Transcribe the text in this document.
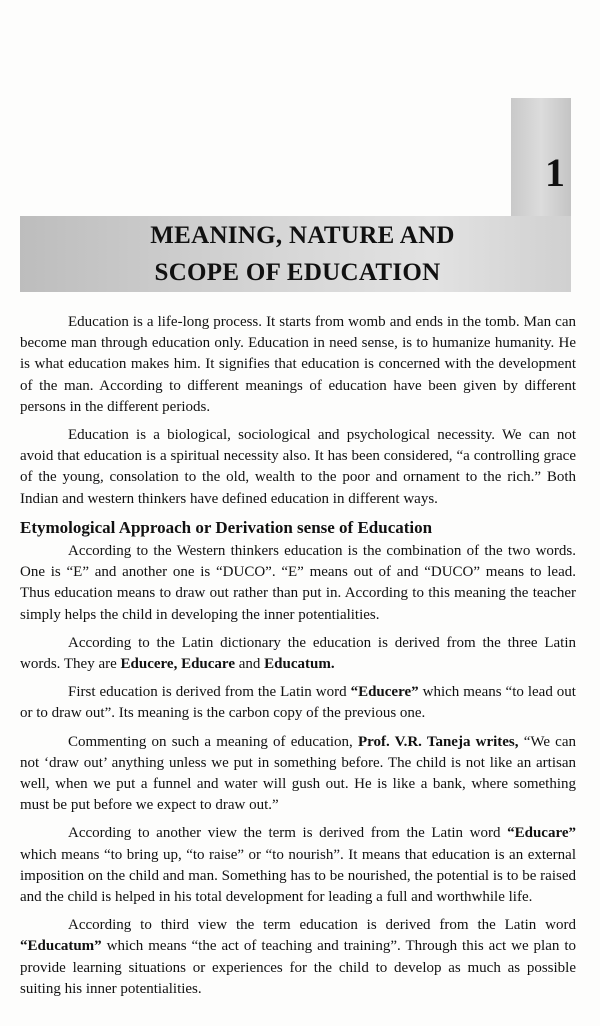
1
MEANING, NATURE AND
SCOPE OF EDUCATION

Education is a life-long process. It starts from womb and ends in the tomb. Man can become man through education only. Education in need sense, is to humanize humanity. He is what education makes him. It signifies that education is concerned with the development of the man. According to different meanings of education have been given by different persons in the different periods.

Education is a biological, sociological and psychological necessity. We can not avoid that education is a spiritual necessity also. It has been considered, “a controlling grace of the young, consolation to the old, wealth to the poor and ornament to the rich.” Both Indian and western thinkers have defined education in different ways.

Etymological Approach or Derivation sense of Education

According to the Western thinkers education is the combination of the two words. One is “E” and another one is “DUCO”. “E” means out of and “DUCO” means to lead. Thus education means to draw out rather than put in. According to this meaning the teacher simply helps the child in developing the inner potentialities.

According to the Latin dictionary the education is derived from the three Latin words. They are Educere, Educare and Educatum.

First education is derived from the Latin word “Educere” which means “to lead out or to draw out”. Its meaning is the carbon copy of the previous one.

Commenting on such a meaning of education, Prof. V.R. Taneja writes, “We can not ‘draw out’ anything unless we put in something before. The child is not like an artisan well, when we put a funnel and water will gush out. He is like a bank, where something must be put before we expect to draw out.”

According to another view the term is derived from the Latin word “Educare” which means “to bring up, “to raise” or “to nourish”. It means that education is an external imposition on the child and man. Something has to be nourished, the potential is to be raised and the child is helped in his total development for leading a full and worthwhile life.

According to third view the term education is derived from the Latin word “Educatum” which means “the act of teaching and training”. Through this act we plan to provide learning situations or experiences for the child to develop as much as possible suiting his inner potentialities.
